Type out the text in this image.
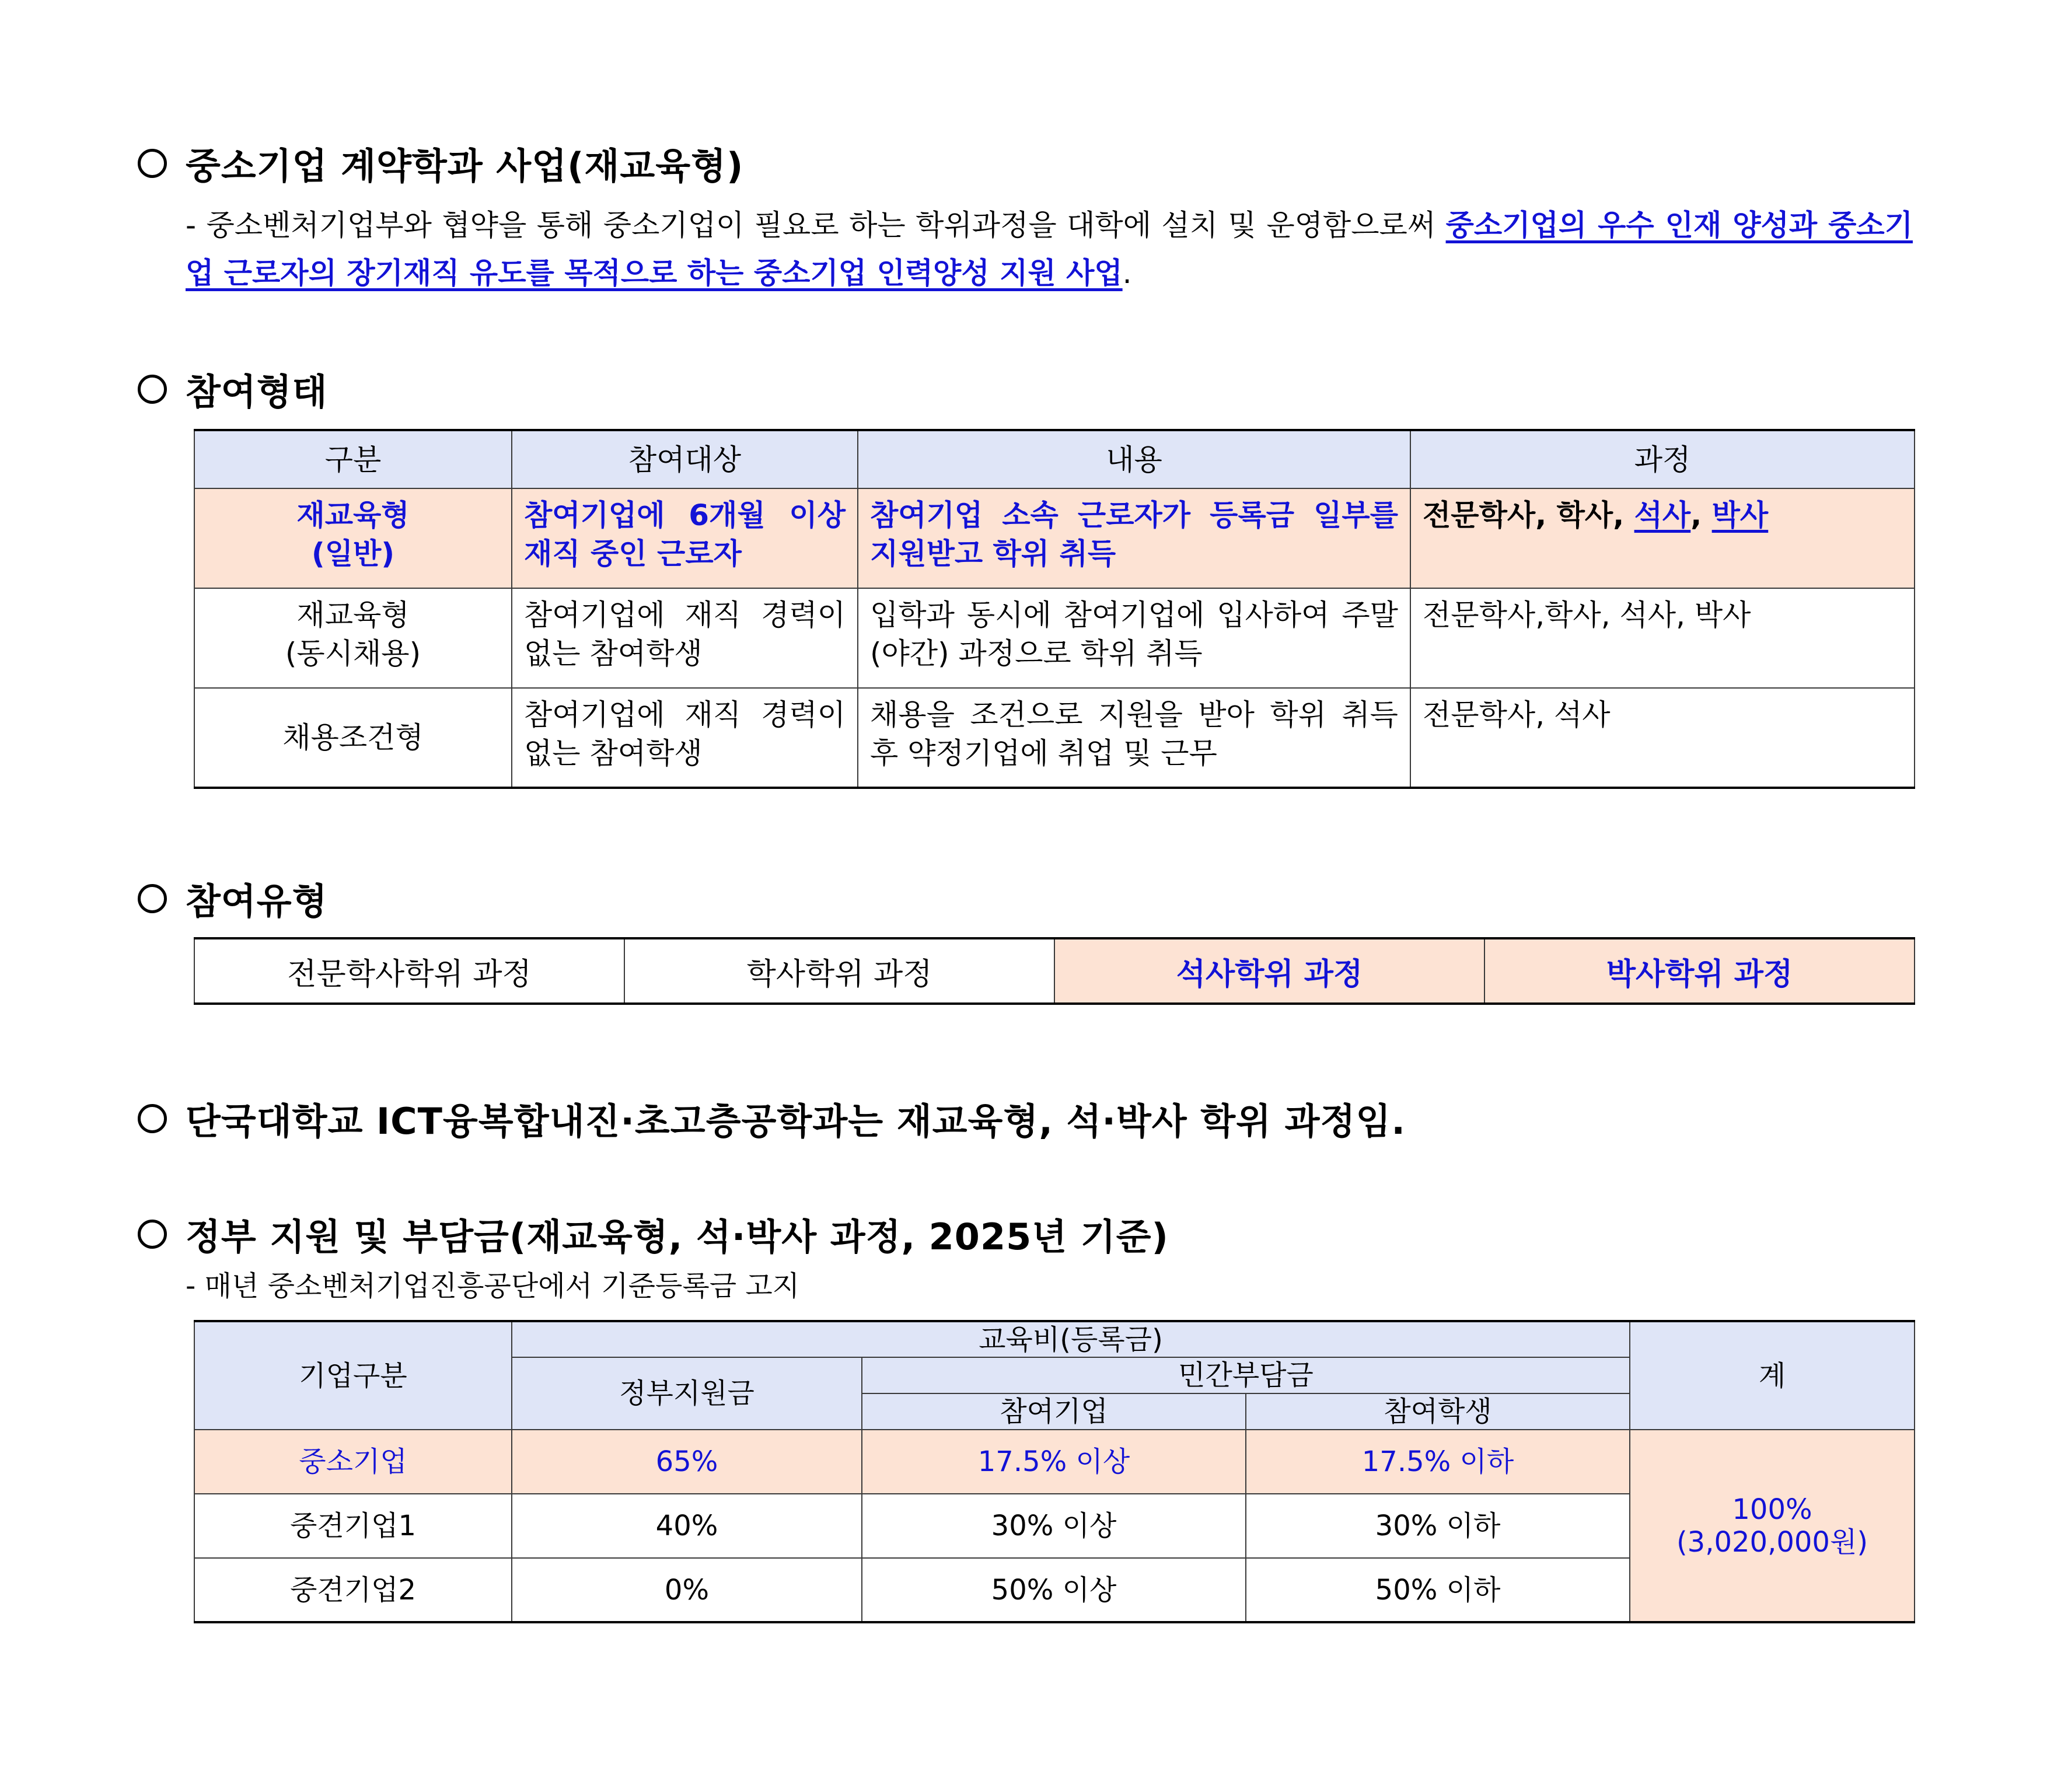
중소기업 계약학과 사업(재교육형)
- 중소벤처기업부와 협약을 통해 중소기업이 필요로 하는 학위과정을 대학에 설치 및 운영함으로써 중소기업의 우수 인재 양성과 중소기업 근로자의 장기재직 유도를 목적으로 하는 중소기업 인력양성 지원 사업.
참여형태
구분	참여대상	내용	과정
재교육형
(일반)	참여기업에 6개월 이상 재직 중인 근로자	참여기업 소속 근로자가 등록금 일부를 지원받고 학위 취득	전문학사, 학사, 석사, 박사
재교육형
(동시채용)	참여기업에 재직 경력이 없는 참여학생	입학과 동시에 참여기업에 입사하여 주말(야간) 과정으로 학위 취득	전문학사,학사, 석사, 박사
채용조건형	참여기업에 재직 경력이 없는 참여학생	채용을 조건으로 지원을 받아 학위 취득 후 약정기업에 취업 및 근무	전문학사, 석사
참여유형
전문학사학위 과정	학사학위 과정	석사학위 과정	박사학위 과정
단국대학교 ICT융복합내진·초고층공학과는 재교육형, 석·박사 학위 과정임.
정부 지원 및 부담금(재교육형, 석·박사 과정, 2025년 기준)
- 매년 중소벤처기업진흥공단에서 기준등록금 고지
기업구분	교육비(등록금)			계
	정부지원금	민간부담금		
		참여기업	참여학생	
중소기업	65%	17.5% 이상	17.5% 이하	100%
(3,020,000원)
중견기업1	40%	30% 이상	30% 이하	
중견기업2	0%	50% 이상	50% 이하	
